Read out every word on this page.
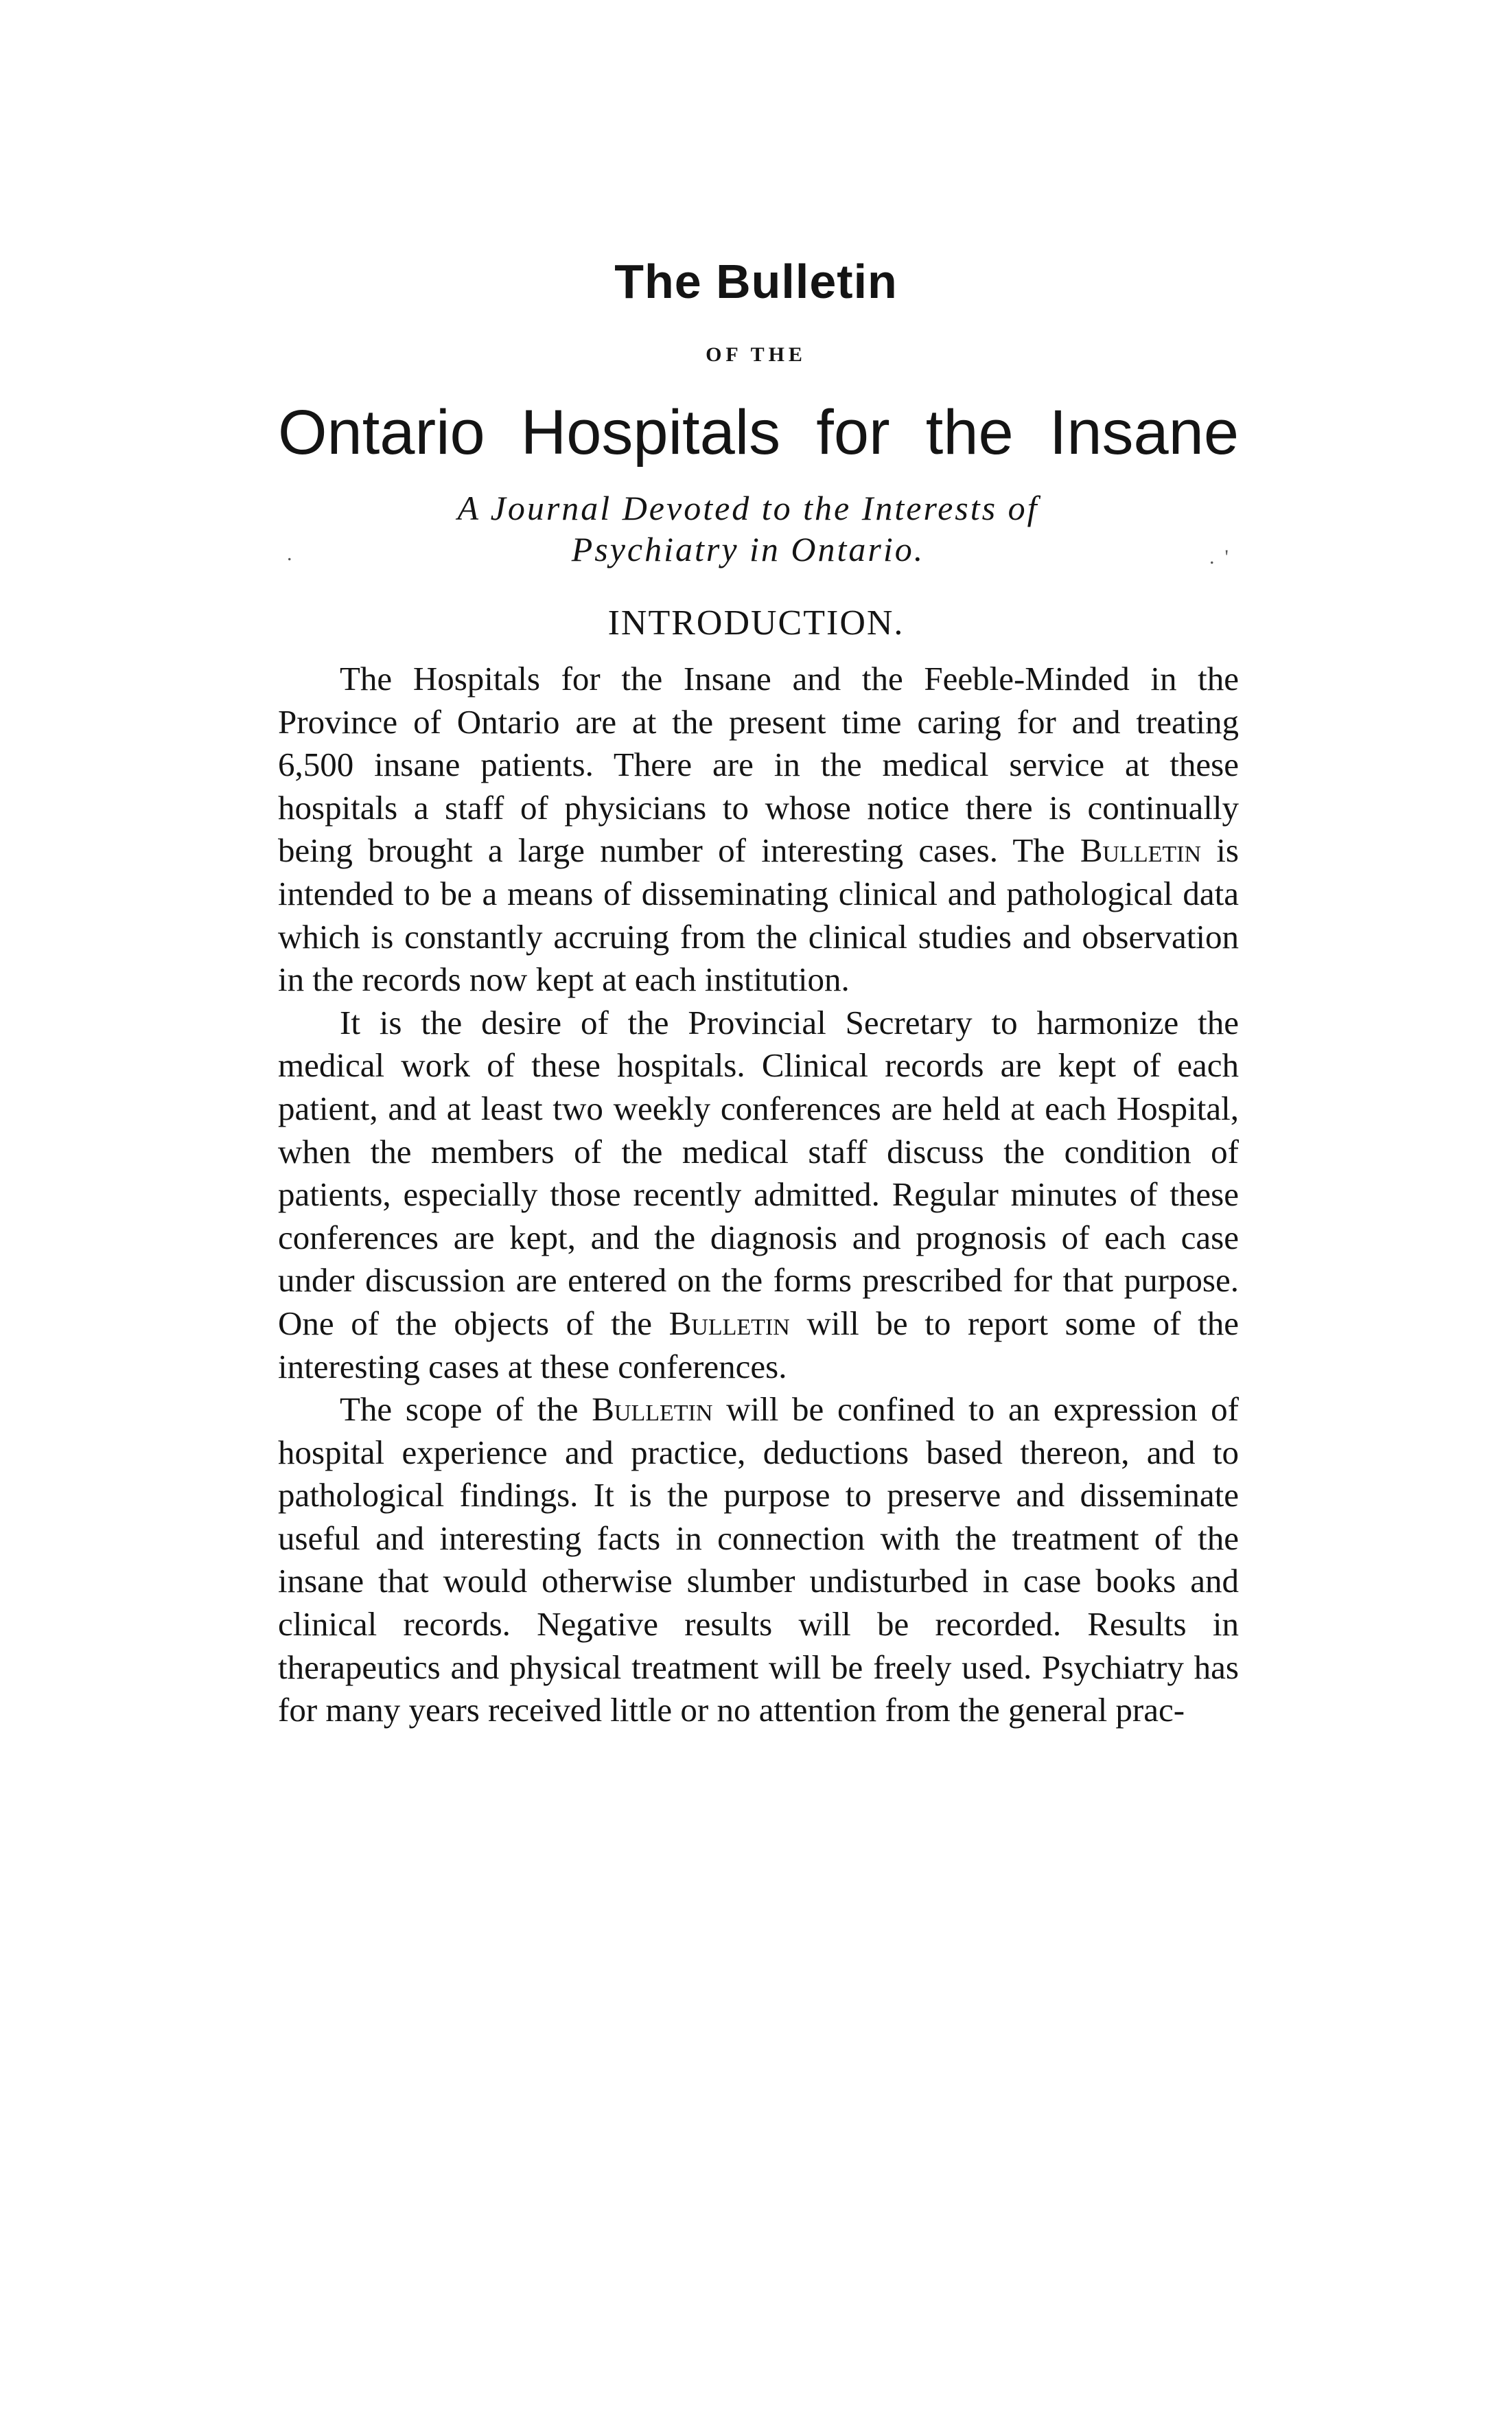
The Bulletin
OF THE
Ontario Hospitals for the Insane
A Journal Devoted to the Interests of
Psychiatry in Ontario.
.	.  '
INTRODUCTION.

The Hospitals for the Insane and the Feeble-Minded in the Province of Ontario are at the present time caring for and treating 6,500 insane patients. There are in the medical service at these hospitals a staff of physicians to whose notice there is continually being brought a large number of interesting cases. The Bulletin is intended to be a means of disseminating clinical and pathological data which is constantly accruing from the clinical studies and observation in the records now kept at each institution.

It is the desire of the Provincial Secretary to harmonize the medical work of these hospitals. Clinical records are kept of each patient, and at least two weekly conferences are held at each Hospital, when the members of the medical staff discuss the condition of patients, especially those recently admitted. Regular minutes of these conferences are kept, and the diagnosis and prognosis of each case under discussion are entered on the forms prescribed for that purpose. One of the objects of the Bulletin will be to report some of the interesting cases at these conferences.

The scope of the Bulletin will be confined to an expression of hospital experience and practice, deductions based thereon, and to pathological findings. It is the purpose to preserve and disseminate useful and interesting facts in connection with the treatment of the insane that would otherwise slumber undisturbed in case books and clinical records. Negative results will be recorded. Results in therapeutics and physical treatment will be freely used. Psychiatry has for many years received little or no attention from the general prac-
